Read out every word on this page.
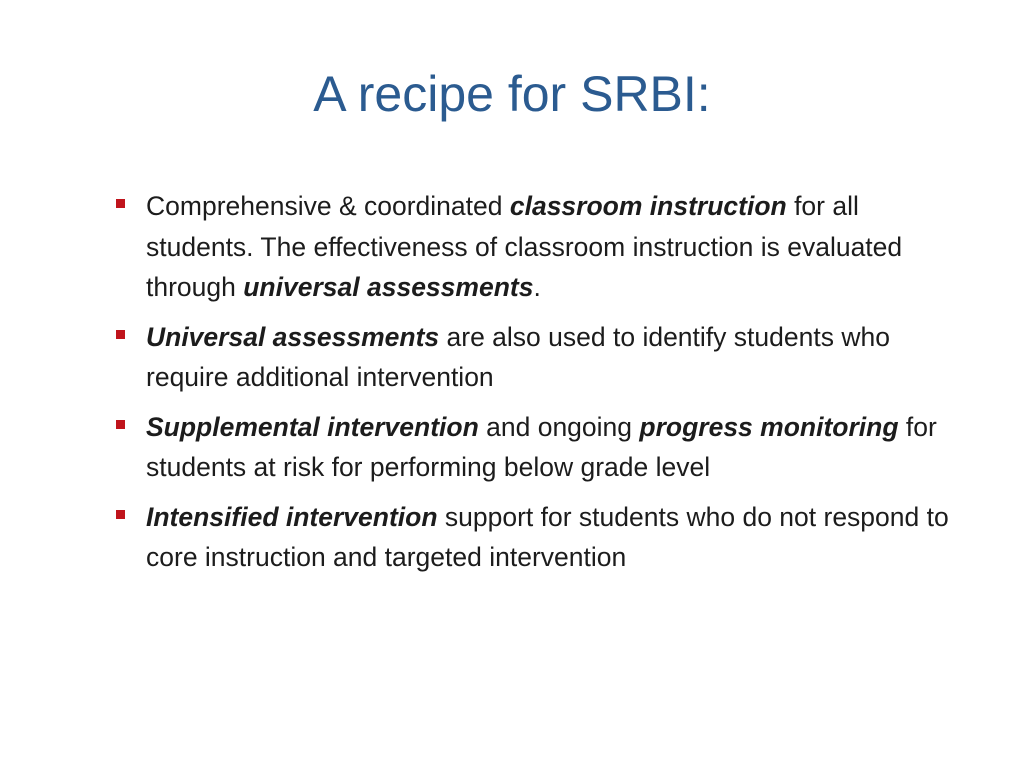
A recipe for SRBI:
Comprehensive & coordinated classroom instruction for all students. The effectiveness of classroom instruction is evaluated through universal assessments.
Universal assessments are also used to identify students who require additional intervention
Supplemental intervention and ongoing progress monitoring for students at risk for performing below grade level
Intensified intervention support for students who do not respond to core instruction and targeted intervention
